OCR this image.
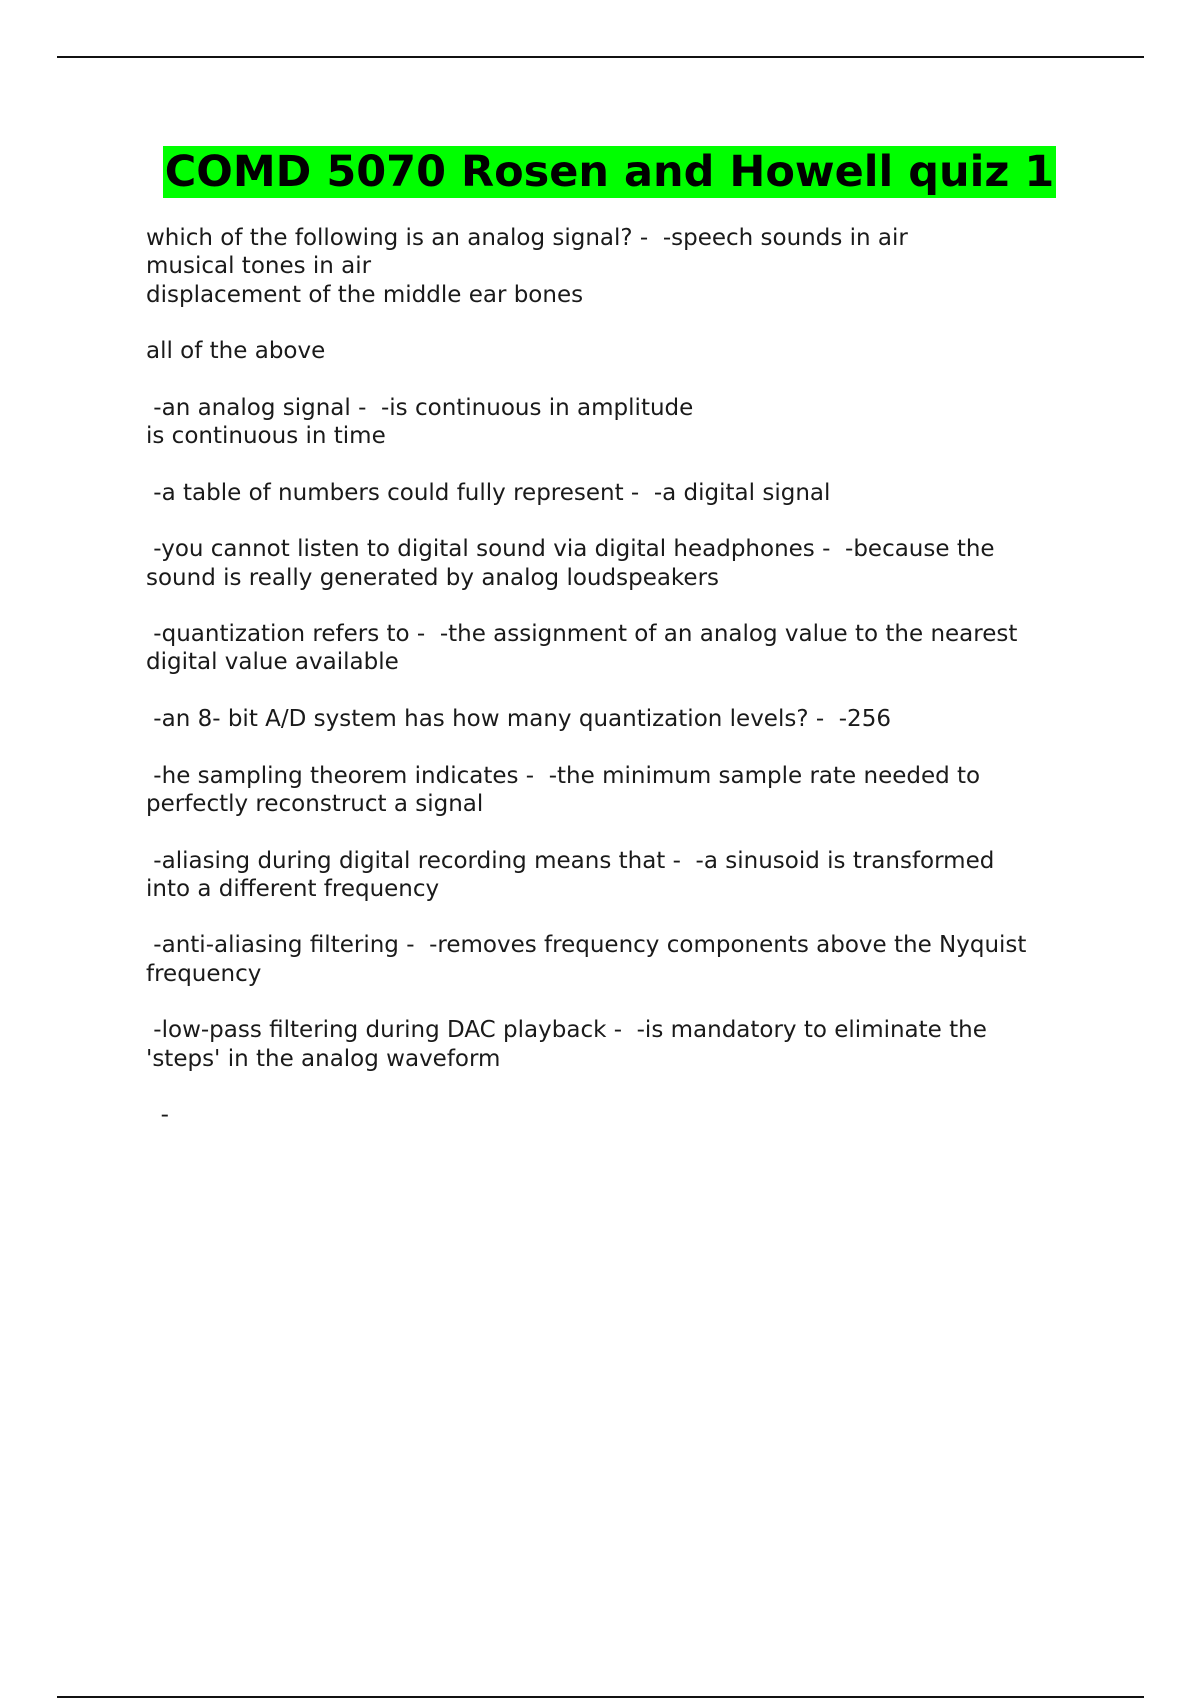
COMD 5070 Rosen and Howell quiz 1
which of the following is an analog signal? -  -speech sounds in air
musical tones in air
displacement of the middle ear bones
all of the above
-an analog signal -  -is continuous in amplitude
is continuous in time
-a table of numbers could fully represent -  -a digital signal
-you cannot listen to digital sound via digital headphones -  -because the
sound is really generated by analog loudspeakers
-quantization refers to -  -the assignment of an analog value to the nearest
digital value available
-an 8- bit A/D system has how many quantization levels? -  -256
-he sampling theorem indicates -  -the minimum sample rate needed to
perfectly reconstruct a signal
-aliasing during digital recording means that -  -a sinusoid is transformed
into a different frequency
-anti-aliasing filtering -  -removes frequency components above the Nyquist
frequency
-low-pass filtering during DAC playback -  -is mandatory to eliminate the
'steps' in the analog waveform
-
